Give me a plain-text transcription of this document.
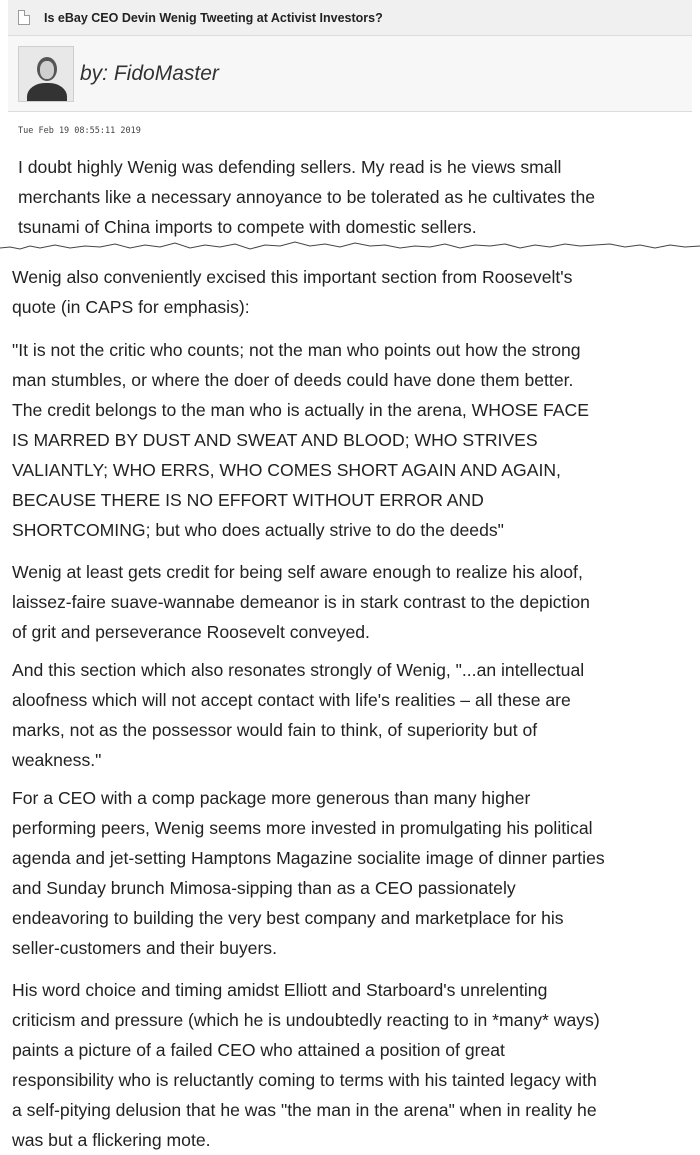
Is eBay CEO Devin Wenig Tweeting at Activist Investors?
by: FidoMaster
Tue Feb 19 08:55:11 2019
I doubt highly Wenig was defending sellers. My read is he views small
merchants like a necessary annoyance to be tolerated as he cultivates the
tsunami of China imports to compete with domestic sellers.
Wenig also conveniently excised this important section from Roosevelt's
quote (in CAPS for emphasis):
"It is not the critic who counts; not the man who points out how the strong
man stumbles, or where the doer of deeds could have done them better.
The credit belongs to the man who is actually in the arena, WHOSE FACE
IS MARRED BY DUST AND SWEAT AND BLOOD; WHO STRIVES
VALIANTLY; WHO ERRS, WHO COMES SHORT AGAIN AND AGAIN,
BECAUSE THERE IS NO EFFORT WITHOUT ERROR AND
SHORTCOMING; but who does actually strive to do the deeds"
Wenig at least gets credit for being self aware enough to realize his aloof,
laissez-faire suave-wannabe demeanor is in stark contrast to the depiction
of grit and perseverance Roosevelt conveyed.
And this section which also resonates strongly of Wenig, "...an intellectual
aloofness which will not accept contact with life's realities – all these are
marks, not as the possessor would fain to think, of superiority but of
weakness."
For a CEO with a comp package more generous than many higher
performing peers, Wenig seems more invested in promulgating his political
agenda and jet-setting Hamptons Magazine socialite image of dinner parties
and Sunday brunch Mimosa-sipping than as a CEO passionately
endeavoring to building the very best company and marketplace for his
seller-customers and their buyers.
His word choice and timing amidst Elliott and Starboard's unrelenting
criticism and pressure (which he is undoubtedly reacting to in *many* ways)
paints a picture of a failed CEO who attained a position of great
responsibility who is reluctantly coming to terms with his tainted legacy with
a self-pitying delusion that he was "the man in the arena" when in reality he
was but a flickering mote.
